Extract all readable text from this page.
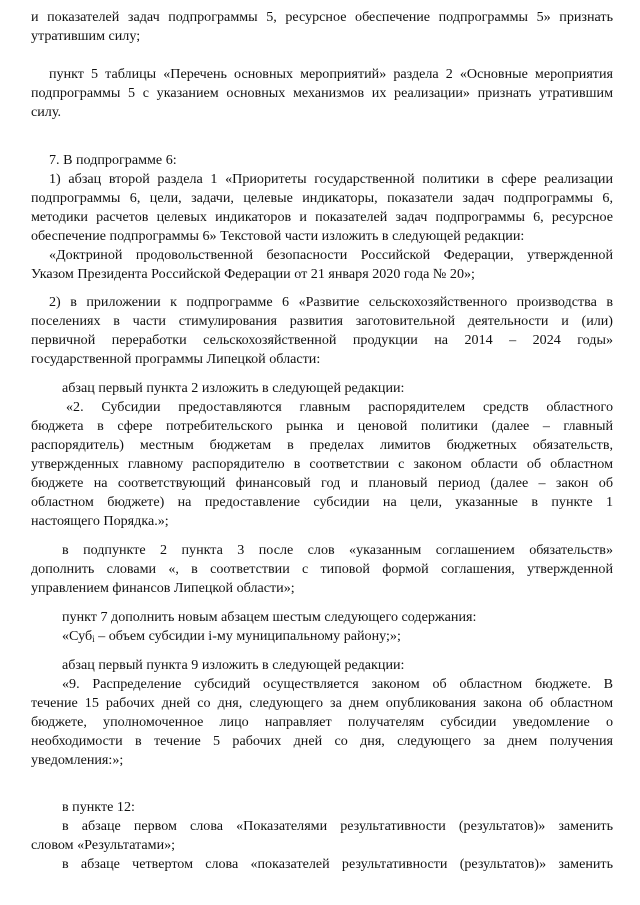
и показателей задач подпрограммы 5, ресурсное обеспечение подпрограммы 5» признать
утратившим силу;
пункт 5 таблицы «Перечень основных мероприятий» раздела 2 «Основные мероприятия
подпрограммы 5 с указанием основных механизмов их реализации» признать утратившим
силу.
7. В подпрограмме 6:
1) абзац второй раздела 1 «Приоритеты государственной политики в сфере реализации
подпрограммы 6, цели, задачи, целевые индикаторы, показатели задач подпрограммы 6,
методики расчетов целевых индикаторов и показателей задач подпрограммы 6, ресурсное
обеспечение подпрограммы 6» Текстовой части изложить в следующей редакции:
«Доктриной продовольственной безопасности Российской Федерации, утвержденной
Указом Президента Российской Федерации от 21 января 2020 года № 20»;
2) в приложении к подпрограмме 6 «Развитие сельскохозяйственного производства в
поселениях в части стимулирования развития заготовительной деятельности и (или)
первичной переработки сельскохозяйственной продукции на 2014 – 2024 годы»
государственной программы Липецкой области:
абзац первый пункта 2 изложить в следующей редакции:
«2. Субсидии предоставляются главным распорядителем средств областного
бюджета в сфере потребительского рынка и ценовой политики (далее – главный
распорядитель) местным бюджетам в пределах лимитов бюджетных обязательств,
утвержденных главному распорядителю в соответствии с законом области об областном
бюджете на соответствующий финансовый год и плановый период (далее – закон об
областном бюджете) на предоставление субсидии на цели, указанные в пункте 1
настоящего Порядка.»;
в подпункте 2 пункта 3 после слов «указанным соглашением обязательств»
дополнить словами «, в соответствии с типовой формой соглашения, утвержденной
управлением финансов Липецкой области»;
пункт 7 дополнить новым абзацем шестым следующего содержания:
«Суб$_i$ – объем субсидии i-му муниципальному району;»;
абзац первый пункта 9 изложить в следующей редакции:
«9. Распределение субсидий осуществляется законом об областном бюджете. В
течение 15 рабочих дней со дня, следующего за днем опубликования закона об областном
бюджете, уполномоченное лицо направляет получателям субсидии уведомление о
необходимости в течение 5 рабочих дней со дня, следующего за днем получения
уведомления:»;
в пункте 12:
в абзаце первом слова «Показателями результативности (результатов)» заменить
словом «Результатами»;
в абзаце четвертом слова «показателей результативности (результатов)» заменить
